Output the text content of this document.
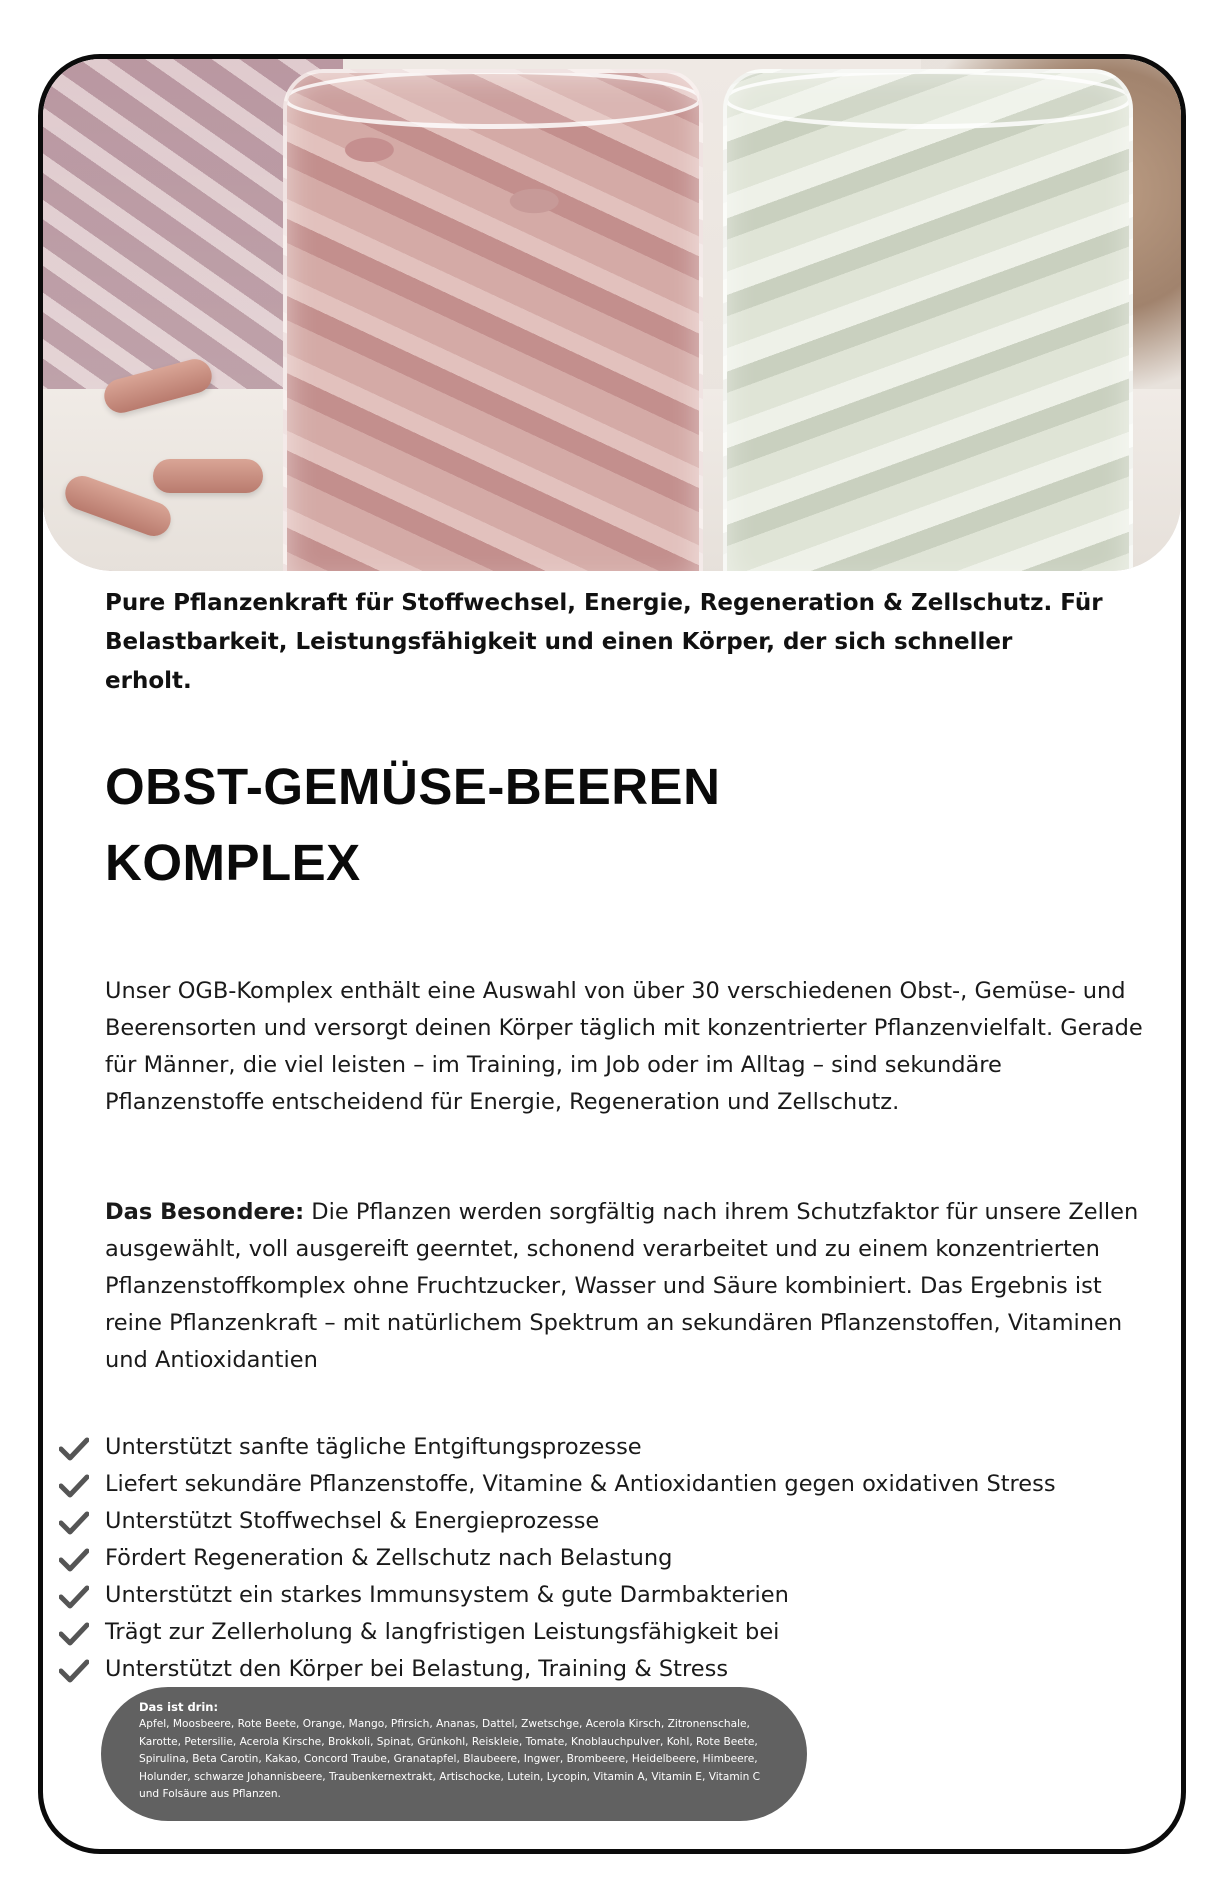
Pure Pflanzenkraft für Stoffwechsel, Energie, Regeneration & Zellschutz. Für Belastbarkeit, Leistungsfähigkeit und einen Körper, der sich schneller erholt.

OBST-GEMÜSE-BEEREN
KOMPLEX

Unser OGB-Komplex enthält eine Auswahl von über 30 verschiedenen Obst-, Gemüse- und Beerensorten und versorgt deinen Körper täglich mit konzentrierter Pflanzenvielfalt. Gerade für Männer, die viel leisten – im Training, im Job oder im Alltag – sind sekundäre Pflanzenstoffe entscheidend für Energie, Regeneration und Zellschutz.

Das Besondere: Die Pflanzen werden sorgfältig nach ihrem Schutzfaktor für unsere Zellen ausgewählt, voll ausgereift geerntet, schonend verarbeitet und zu einem konzentrierten Pflanzenstoffkomplex ohne Fruchtzucker, Wasser und Säure kombiniert. Das Ergebnis ist reine Pflanzenkraft – mit natürlichem Spektrum an sekundären Pflanzenstoffen, Vitaminen und Antioxidantien

Unterstützt sanfte tägliche Entgiftungsprozesse
Liefert sekundäre Pflanzenstoffe, Vitamine & Antioxidantien gegen oxidativen Stress
Unterstützt Stoffwechsel & Energieprozesse
Fördert Regeneration & Zellschutz nach Belastung
Unterstützt ein starkes Immunsystem & gute Darmbakterien
Trägt zur Zellerholung & langfristigen Leistungsfähigkeit bei
Unterstützt den Körper bei Belastung, Training & Stress
Das ist drin:
Apfel, Moosbeere, Rote Beete, Orange, Mango, Pfirsich, Ananas, Dattel, Zwetschge, Acerola Kirsch, Zitronenschale, Karotte, Petersilie, Acerola Kirsche, Brokkoli, Spinat, Grünkohl, Reiskleie, Tomate, Knoblauchpulver, Kohl, Rote Beete, Spirulina, Beta Carotin, Kakao, Concord Traube, Granatapfel, Blaubeere, Ingwer, Brombeere, Heidelbeere, Himbeere, Holunder, schwarze Johannisbeere, Traubenkernextrakt, Artischocke, Lutein, Lycopin, Vitamin A, Vitamin E, Vitamin C und Folsäure aus Pflanzen.
